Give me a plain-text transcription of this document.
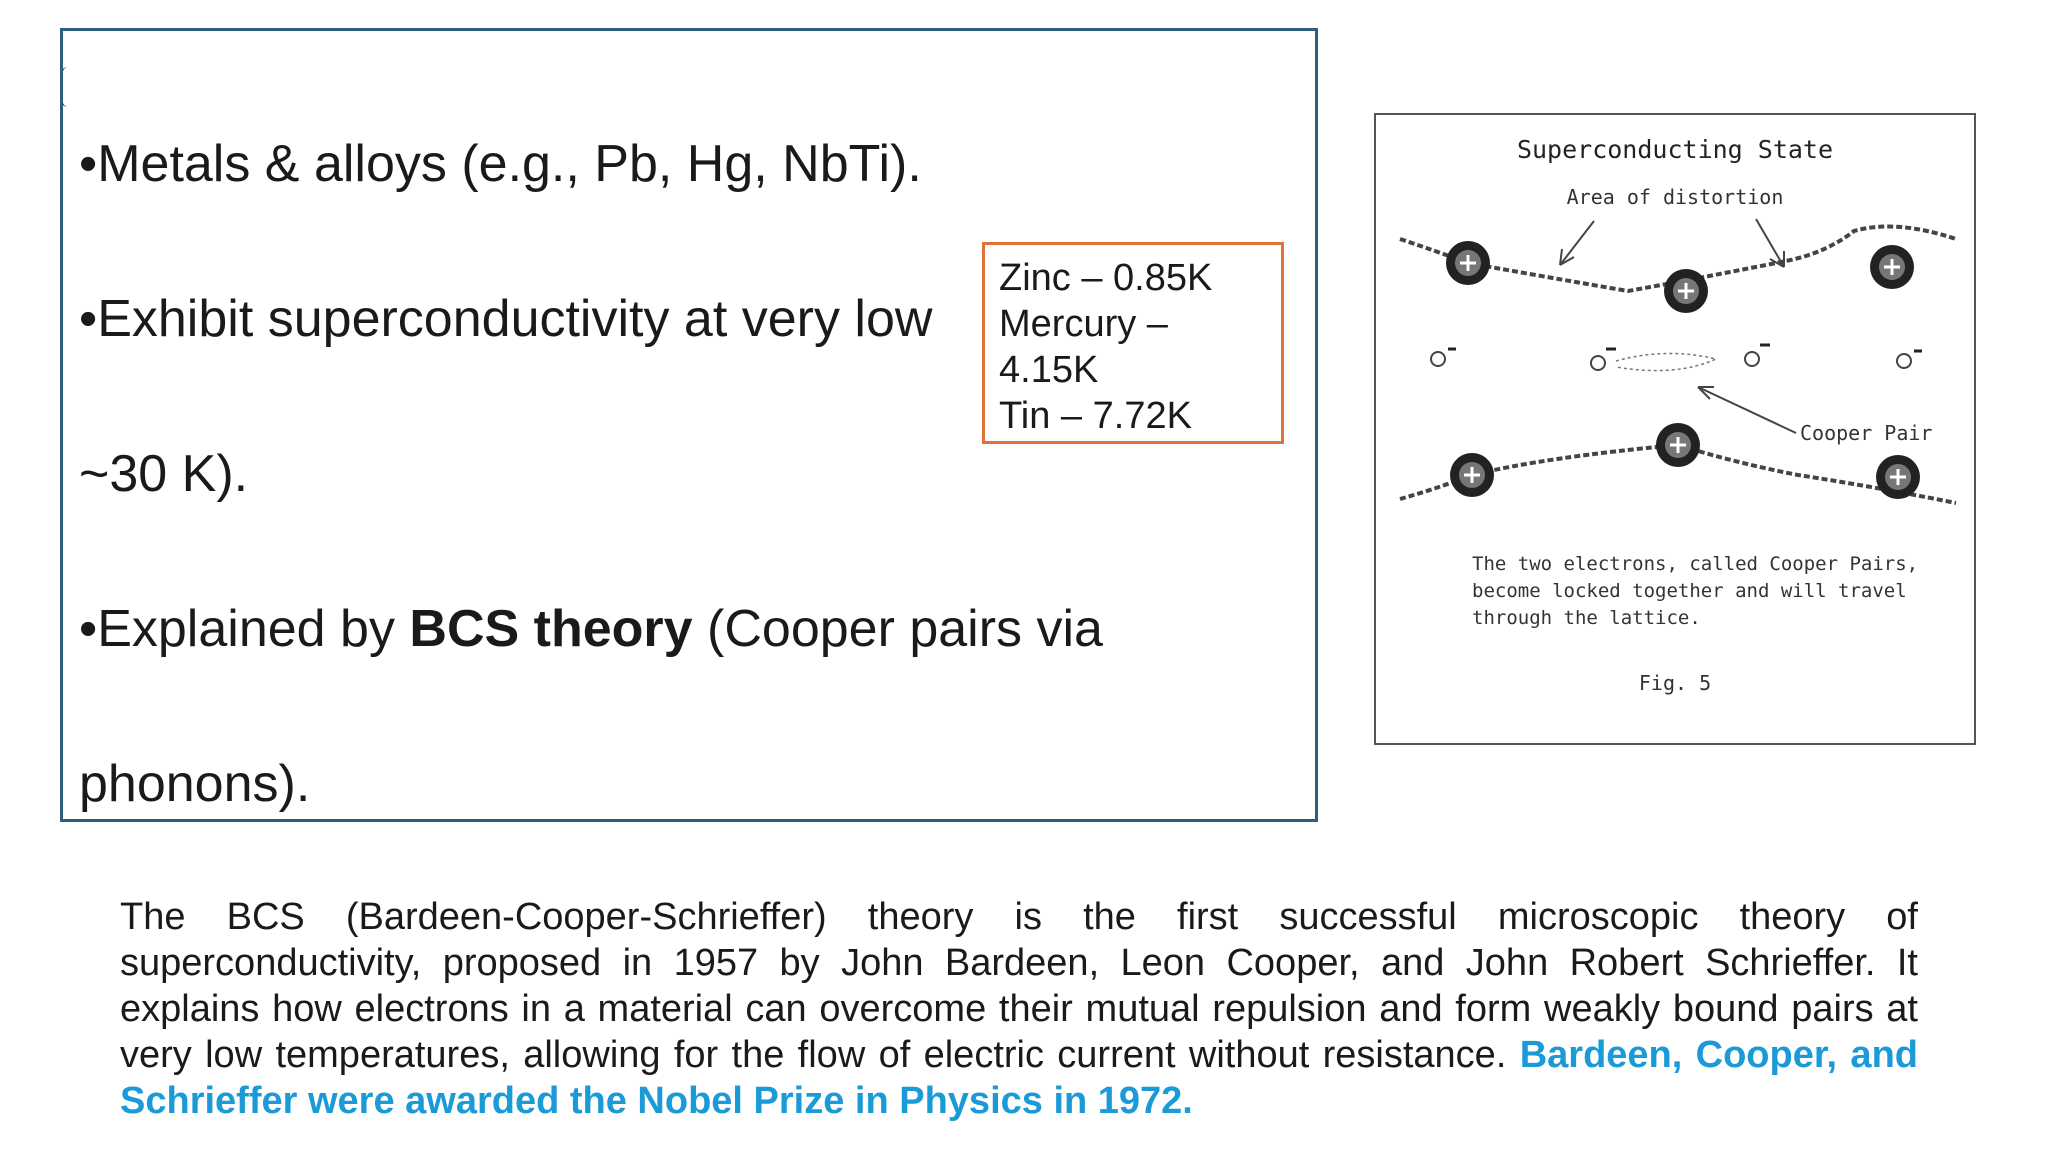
•Metals & alloys (e.g., Pb, Hg, NbTi).
•Exhibit superconductivity at very low
~30 K).
•Explained by BCS theory (Cooper pairs via
phonons).
Zinc – 0.85K
Mercury – 4.15K
Tin – 7.72K
Superconducting State
Area of distortion
Cooper Pair
The two electrons, called Cooper Pairs,
become locked together and will travel
through the lattice.
Fig. 5
The BCS (Bardeen-Cooper-Schrieffer) theory is the first successful microscopic theory of superconductivity, proposed in 1957 by John Bardeen, Leon Cooper, and John Robert Schrieffer. It explains how electrons in a material can overcome their mutual repulsion and form weakly bound pairs at very low temperatures, allowing for the flow of electric current without resistance. Bardeen, Cooper, and Schrieffer were awarded the Nobel Prize in Physics in 1972.
